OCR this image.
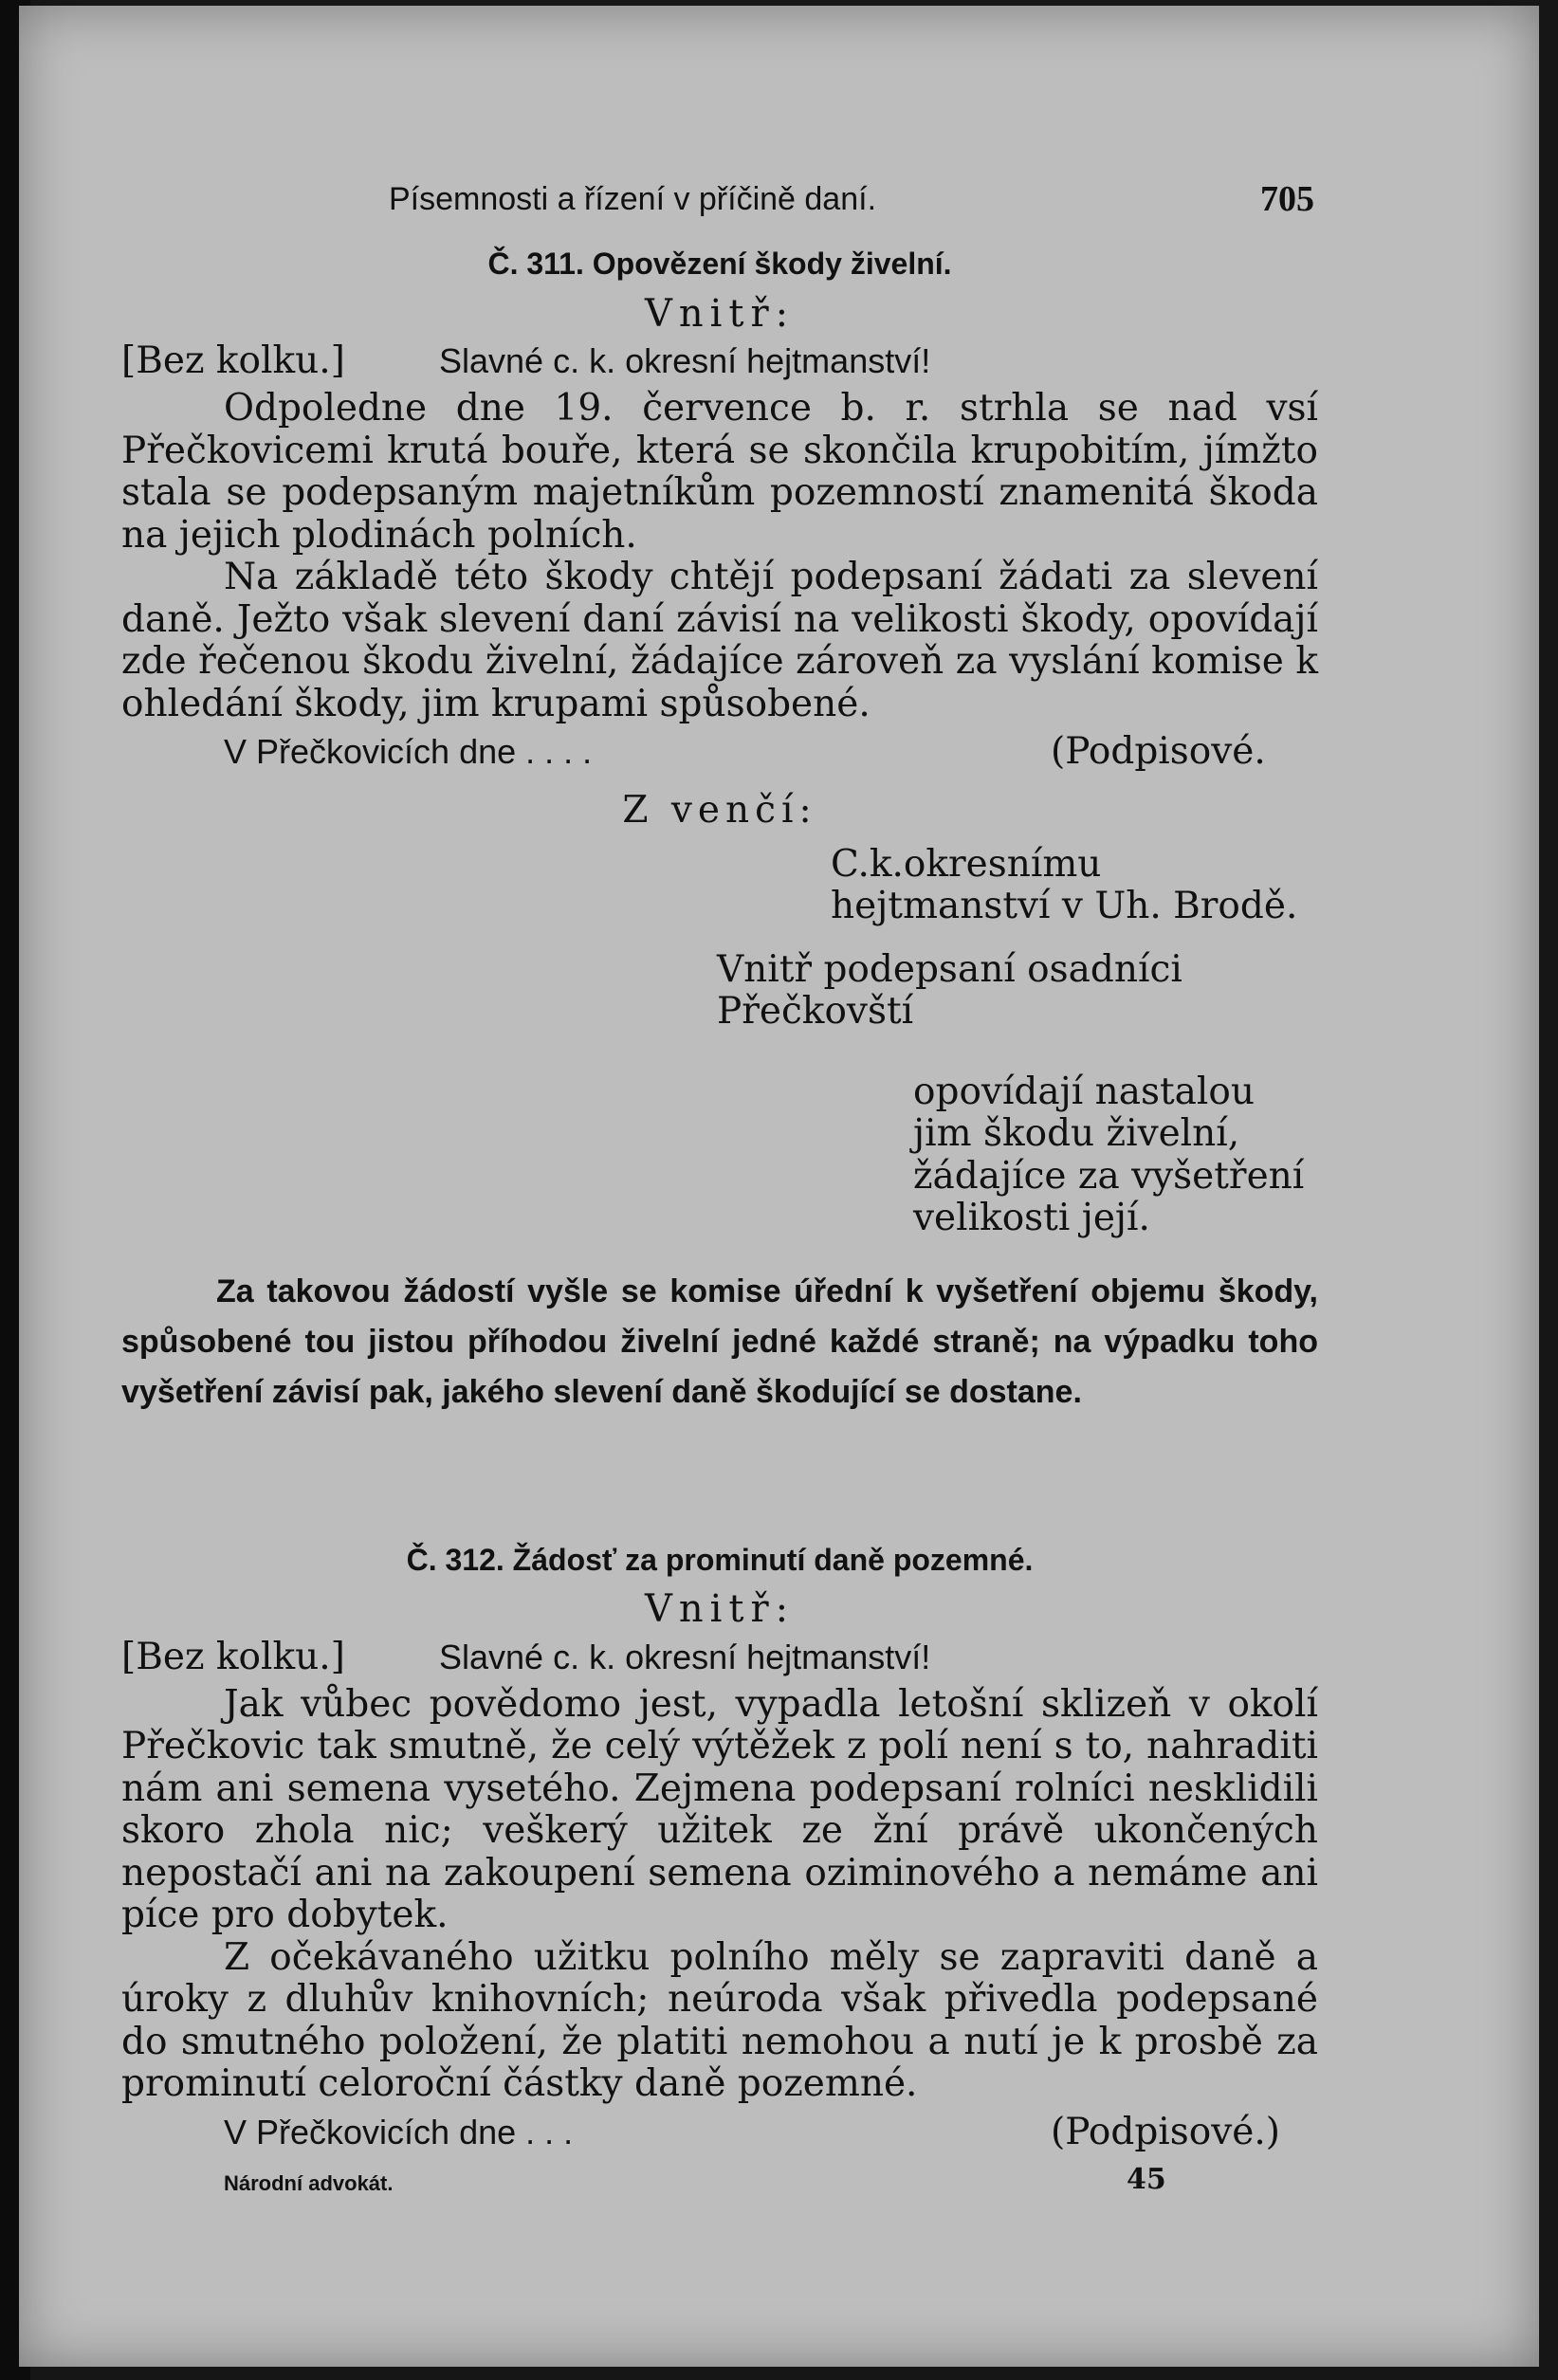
Písemnosti a řízení v příčině daní.	705
Č. 311. Opovězení škody živelní.
Vnitř:
[Bez kolku.]	Slavné c. k. okresní hejtmanství!

Odpoledne dne 19. července b. r. strhla se nad vsí Přečkovicemi krutá bouře, která se skončila krupobitím, jímžto stala se podepsaným majetníkům pozemností znamenitá škoda na jejich plodinách polních.

Na základě této škody chtějí podepsaní žádati za slevení daně. Ježto však slevení daní závisí na velikosti škody, opovídají zde řečenou škodu živelní, žádajíce zároveň za vyslání komise k ohledání škody, jim krupami spůsobené.

V Přečkovicích dne . . . .	(Podpisové.
Z venčí:
C.k.okresnímu hejtmanství v Uh. Brodě.
Vnitř podepsaní osadníci Přečkovští
opovídají nastalou jim škodu živelní, žádajíce za vyšetření velikosti její.

Za takovou žádostí vyšle se komise úřední k vyšetření objemu škody, spůsobené tou jistou příhodou živelní jedné každé straně; na výpadku toho vyšetření závisí pak, jakého slevení daně škodující se dostane.

Č. 312. Žádosť za prominutí daně pozemné.
Vnitř:
[Bez kolku.]	Slavné c. k. okresní hejtmanství!

Jak vůbec povědomo jest, vypadla letošní sklizeň v okolí Přečkovic tak smutně, že celý výtěžek z polí není s to, nahraditi nám ani semena vysetého. Zejmena podepsaní rolníci nesklidili skoro zhola nic; veškerý užitek ze žní právě ukončených nepostačí ani na zakoupení semena oziminového a nemáme ani píce pro dobytek.

Z očekávaného užitku polního měly se zapraviti daně a úroky z dluhův knihovních; neúroda však přivedla podepsané do smutného položení, že platiti nemohou a nutí je k prosbě za prominutí celoroční částky daně pozemné.

V Přečkovicích dne . . .	(Podpisové.)
Národní advokát.	45
